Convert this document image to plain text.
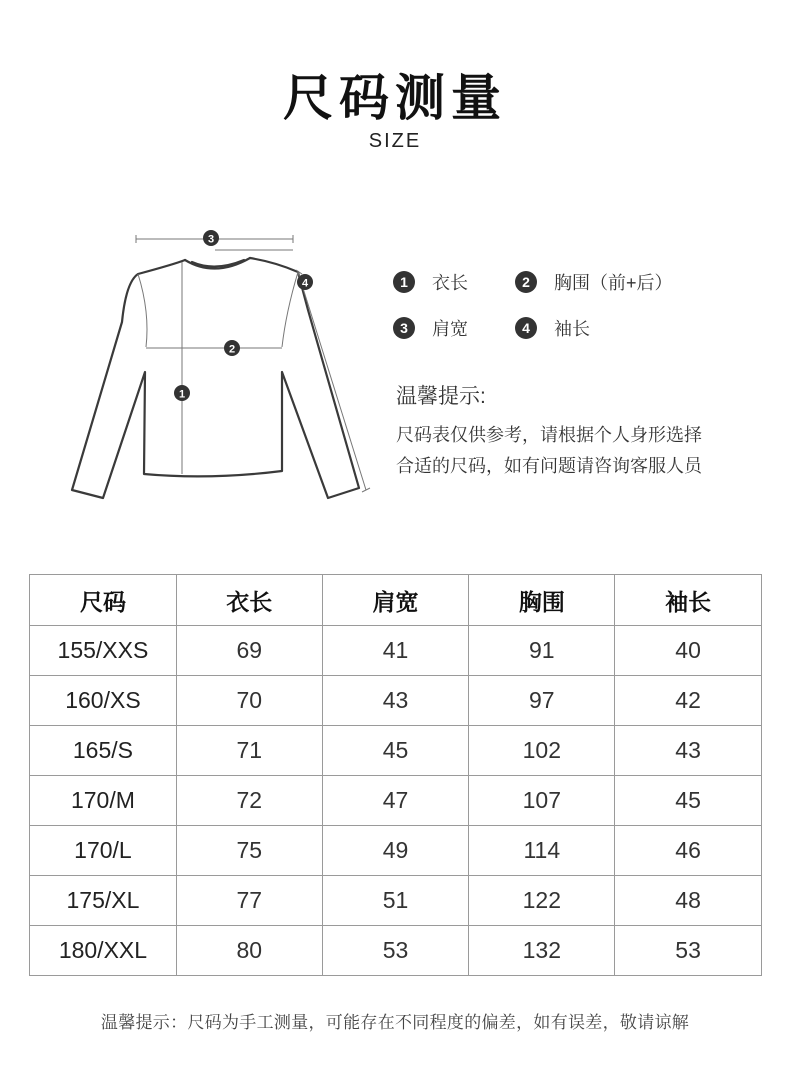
尺码测量
SIZE
3
4
2
1
1	衣长	2	胸围（前+后）
3	肩宽	4	袖长
温馨提示:
尺码表仅供参考，请根据个人身形选择
合适的尺码，如有问题请咨询客服人员
尺码	衣长	肩宽	胸围	袖长
155/XXS	69	41	91	40
160/XS	70	43	97	42
165/S	71	45	102	43
170/M	72	47	107	45
170/L	75	49	114	46
175/XL	77	51	122	48
180/XXL	80	53	132	53
温馨提示：尺码为手工测量，可能存在不同程度的偏差，如有误差，敬请谅解
